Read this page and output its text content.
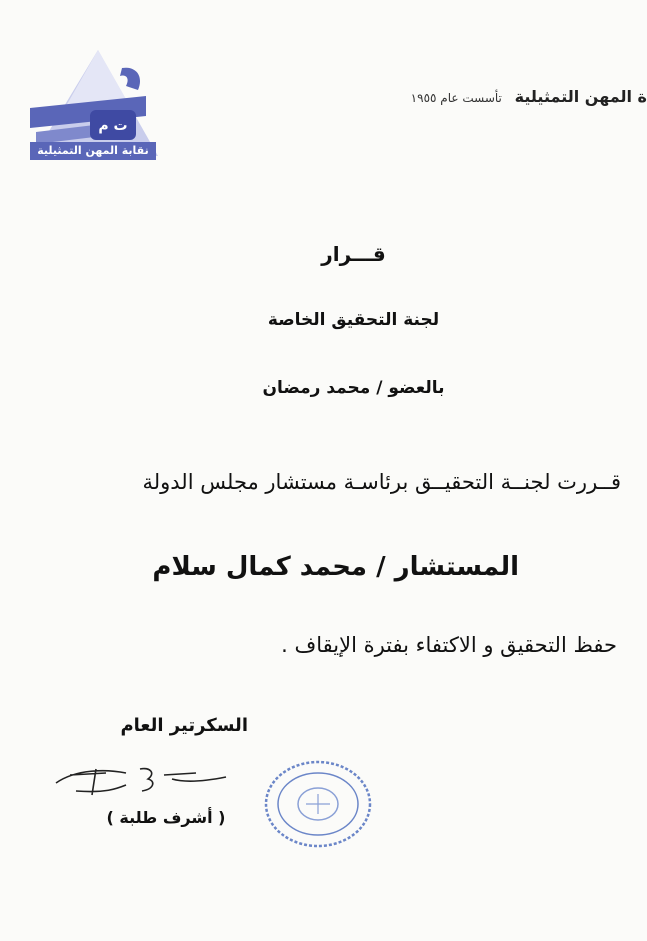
ت م
نقابة المهن التمثيلية
ة المهن التمثيلية تأسست عام ١٩٥٥
قـــرار
لجنة التحقيق الخاصة
بالعضو / محمد رمضان
قــررت لجنــة التحقيــق برئاسـة مستشار مجلس الدولة
المستشار / محمد كمال سلام
حفظ التحقيق و الاكتفاء بفترة الإيقاف .
السكرتير العام
( أشرف طلبة )
